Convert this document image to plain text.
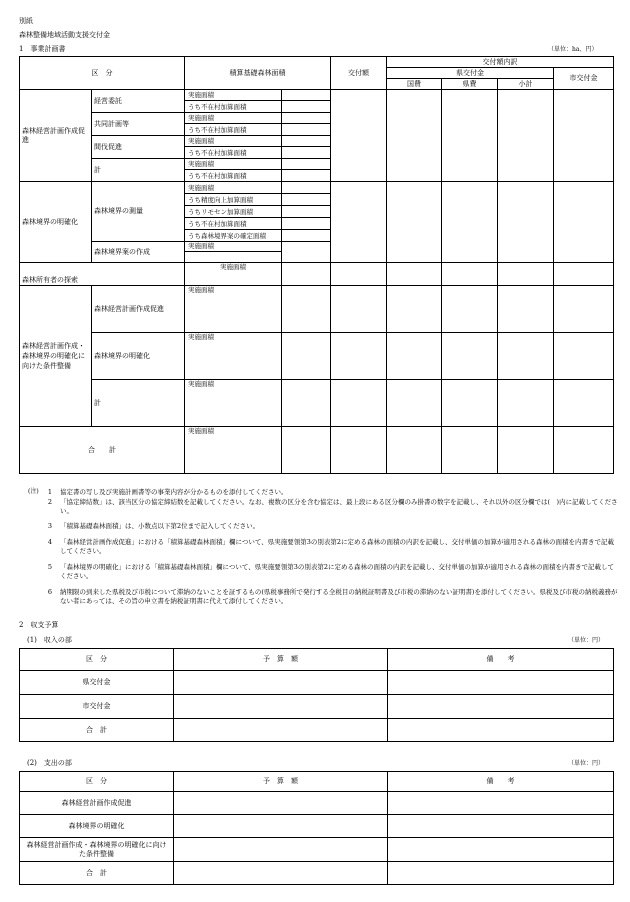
別紙
森林整備地域活動支援交付金
1　事業計画書	（単位：ha、円）
区　分		積算基礎森林面積		交付額	交付額内訳			
					県交付金			市交付金
					国費	県費	小計	
森林経営計画作成促進	経営委託	実施面積						
		うち不在村加算面積						
	共同計画等	実施面積						
		うち不在村加算面積						
	間伐促進	実施面積						
		うち不在村加算面積						
	計	実施面積						
		うち不在村加算面積						
森林境界の明確化	森林境界の測量	実施面積						
		うち精度向上加算面積						
		うちリモセン加算面積						
		うち不在村加算面積						
		うち森林境界案の確定面積						
	森林境界案の作成	実施面積						

森林所有者の探索		実施面積						
森林経営計画作成・森林境界の明確化に向けた条件整備	森林経営計画作成促進	実施面積						
	森林境界の明確化	実施面積						
	計	実施面積						
合　　計		実施面積						
(注)	1 協定書の写し及び実施計画書等の事業内容が分かるものを添付してください。
2 「協定締結数」は、該当区分の協定締結数を記載してください。なお、複数の区分を含む協定は、最上段にある区分欄のみ掛書の数字を記載し、それ以外の区分欄では(　)内に記載してください。
3 「積算基礎森林面積」は、小数点以下第2位まで記入してください。
4 「森林経営計画作成促進」における「積算基礎森林面積」欄について、県実施要領第3の別表第2に定める森林の面積の内訳を記載し、交付単価の加算が適用される森林の面積を内書きで記載してください。
5 「森林境界の明確化」における「積算基礎森林面積」欄について、県実施要領第3の別表第2に定める森林の面積の内訳を記載し、交付単価の加算が適用される森林の面積を内書きで記載してください。
6 納期限の到来した県税及び市税について滞納のないことを証するもの(県税事務所で発行する全税目の納税証明書及び市税の滞納のない証明書)を添付してください。県税及び市税の納税義務がない者にあっては、その旨の申立書を納税証明書に代えて添付してください。
2　収支予算
(1)　収入の部	（単位：円）
区　分	予　算　額	備　　考
県交付金		
市交付金		
合　計		
(2)　支出の部	（単位：円）
区　分	予　算　額	備　　考
森林経営計画作成促進		
森林境界の明確化		
森林経営計画作成・森林境界の明確化に向けた条件整備		
合　計		
